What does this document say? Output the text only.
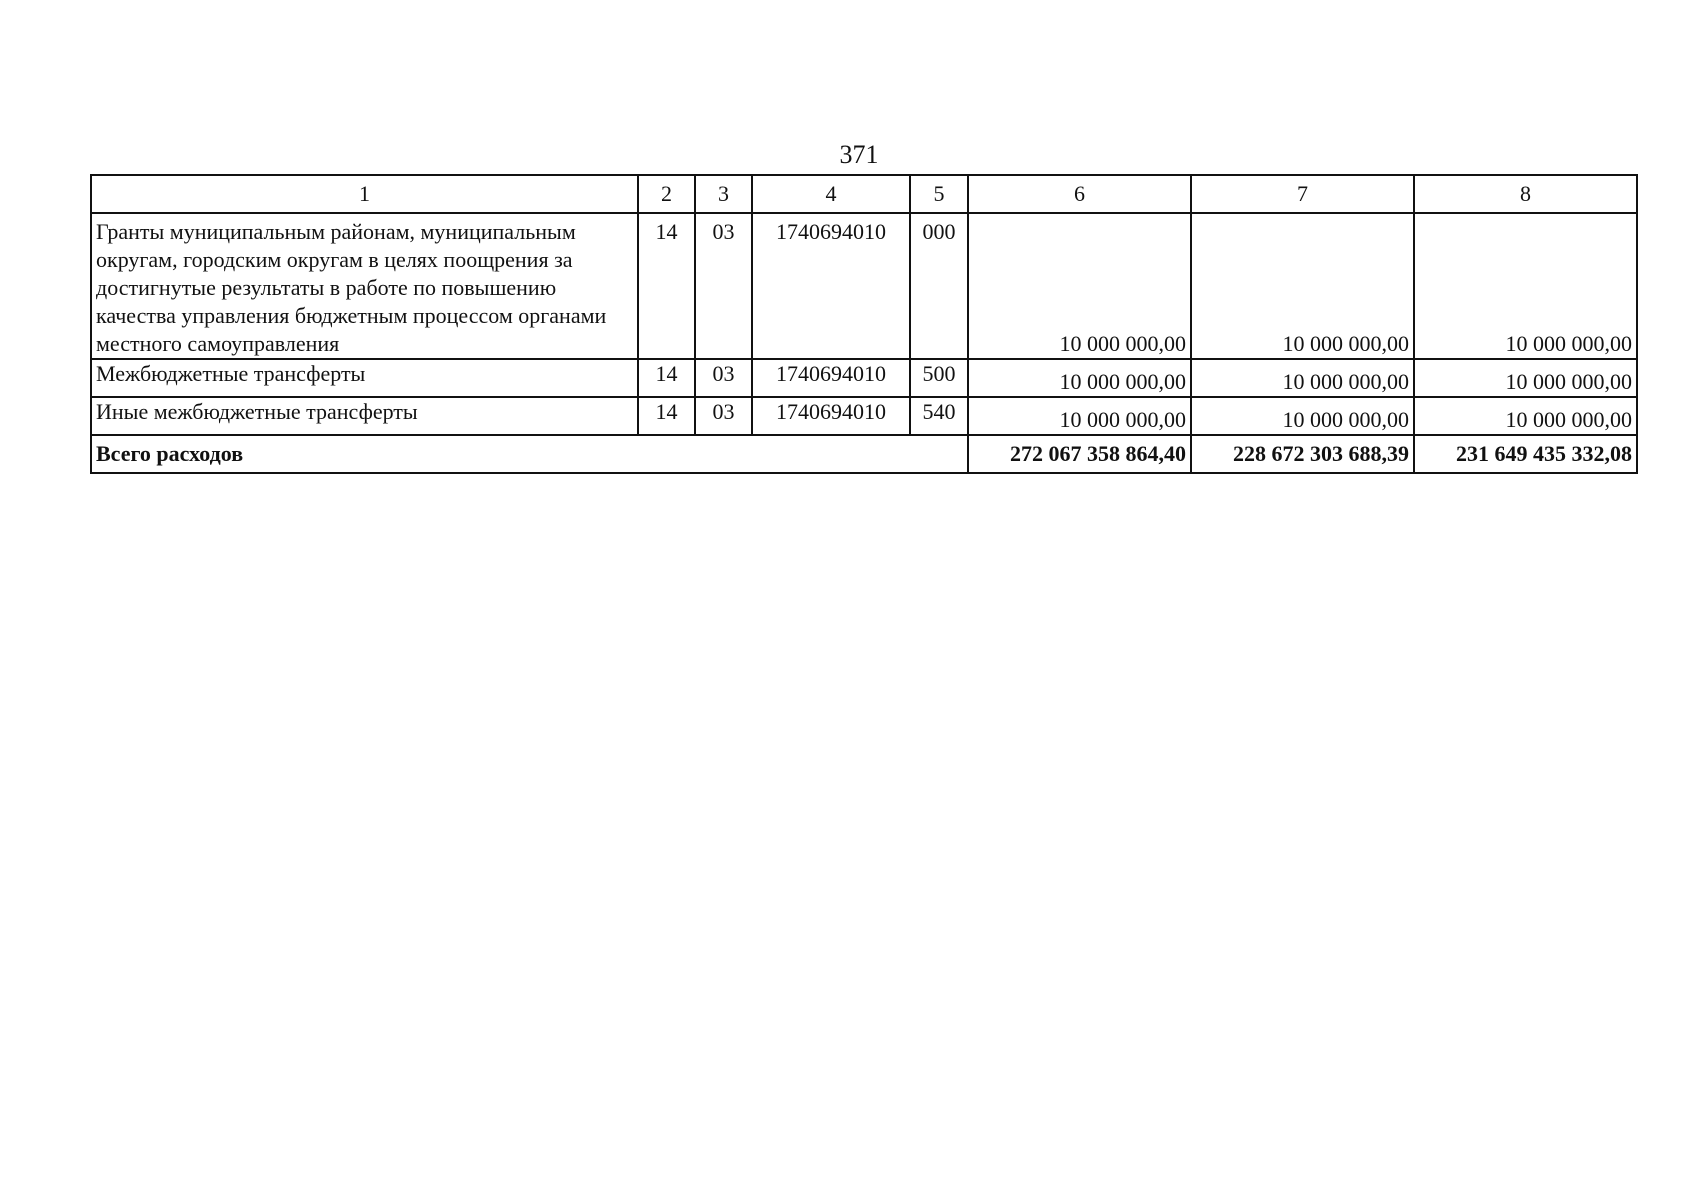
371
1	2	3	4	5	6	7	8
Гранты муниципальным районам, муниципальным округам, городским округам в целях поощрения за достигнутые результаты в работе по повышению качества управления бюджетным процессом органами местного самоуправления	14	03	1740694010	000	10 000 000,00	10 000 000,00	10 000 000,00
Межбюджетные трансферты	14	03	1740694010	500	10 000 000,00	10 000 000,00	10 000 000,00
Иные межбюджетные трансферты	14	03	1740694010	540	10 000 000,00	10 000 000,00	10 000 000,00
Всего расходов					272 067 358 864,40	228 672 303 688,39	231 649 435 332,08
